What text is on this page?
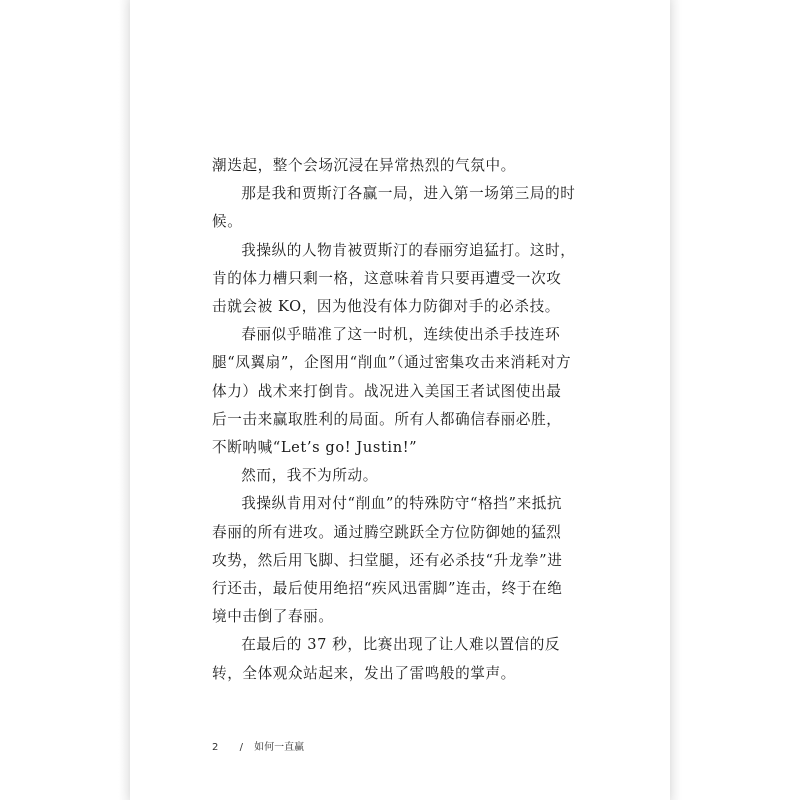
潮迭起，整个会场沉浸在异常热烈的气氛中。

那是我和贾斯汀各赢一局，进入第一场第三局的时候。

我操纵的人物肯被贾斯汀的春丽穷追猛打。这时，肯的体力槽只剩一格，这意味着肯只要再遭受一次攻击就会被 KO，因为他没有体力防御对手的必杀技。

春丽似乎瞄准了这一时机，连续使出杀手技连环腿“凤翼扇”，企图用“削血”（通过密集攻击来消耗对方体力）战术来打倒肯。战况进入美国王者试图使出最后一击来赢取胜利的局面。所有人都确信春丽必胜，不断呐喊“Let’s go! Justin!”

然而，我不为所动。

我操纵肯用对付“削血”的特殊防守“格挡”来抵抗春丽的所有进攻。通过腾空跳跃全方位防御她的猛烈攻势，然后用飞脚、扫堂腿，还有必杀技“升龙拳”进行还击，最后使用绝招“疾风迅雷脚”连击，终于在绝境中击倒了春丽。

在最后的 37 秒，比赛出现了让人难以置信的反转，全体观众站起来，发出了雷鸣般的掌声。

2 / 如何一直赢
